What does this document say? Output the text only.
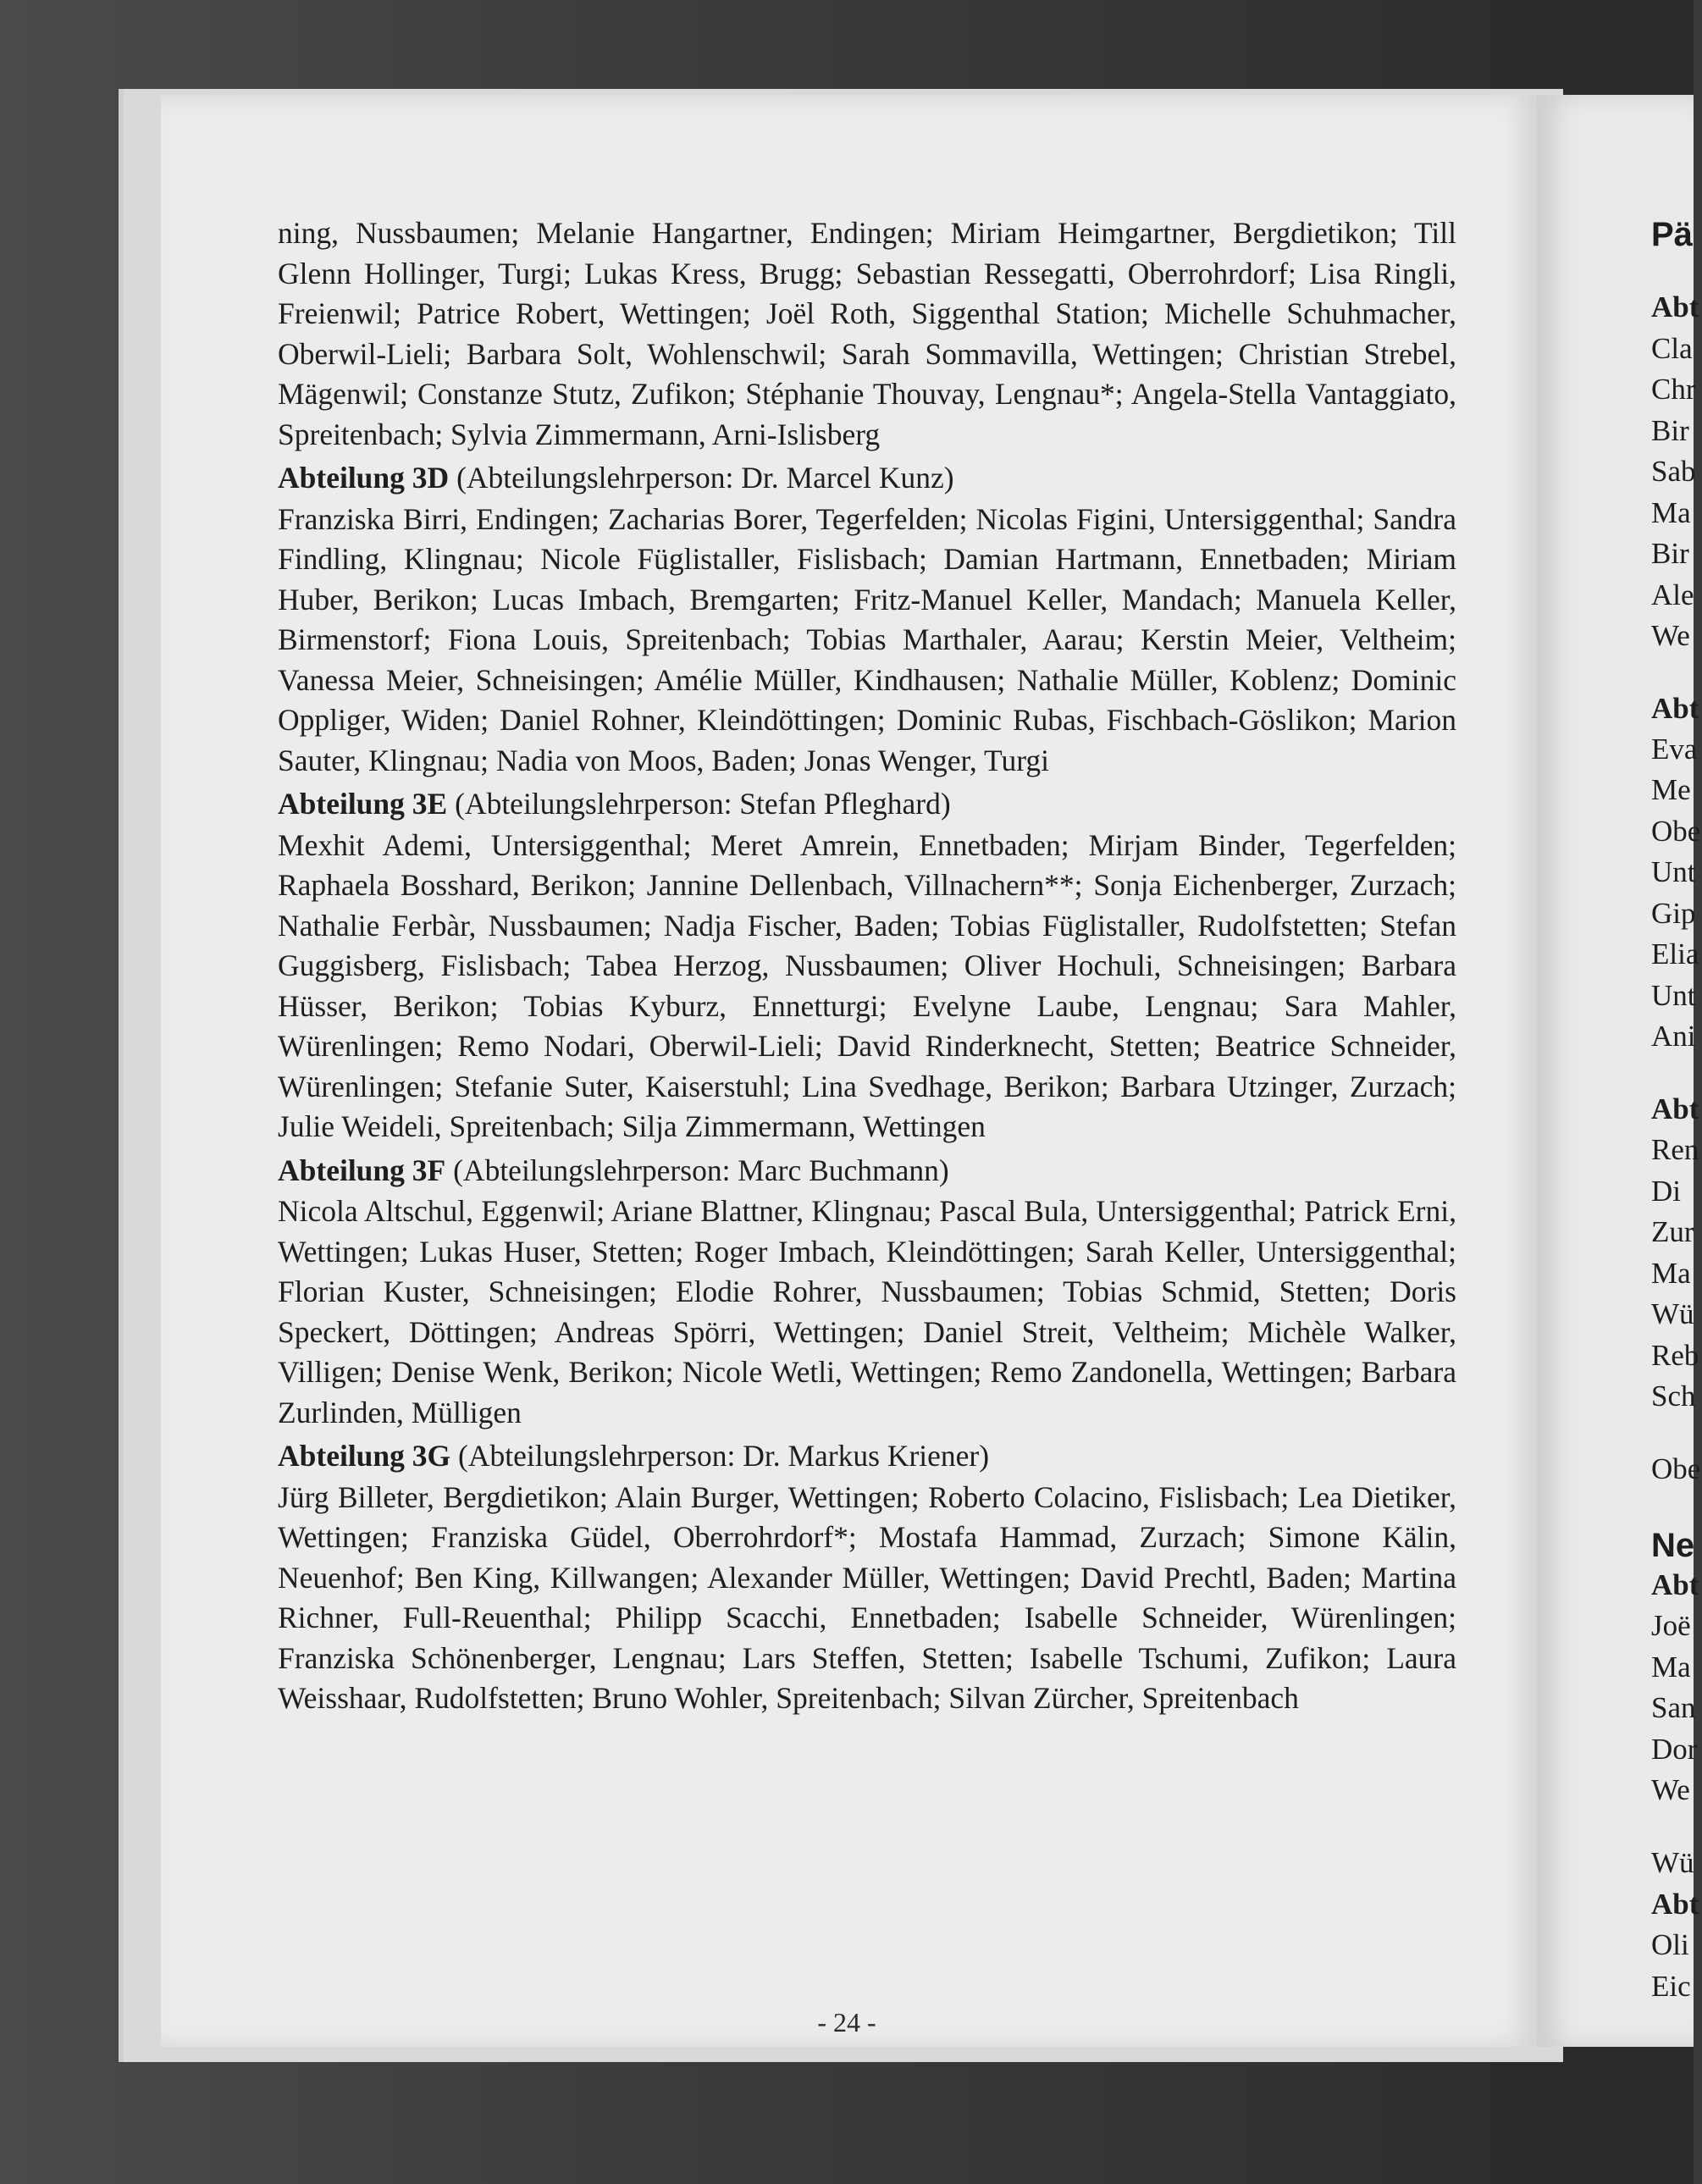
ning, Nussbaumen; Melanie Hangartner, Endingen; Miriam Heimgartner, Bergdietikon; Till Glenn Hollinger, Turgi; Lukas Kress, Brugg; Sebastian Ressegatti, Oberrohrdorf; Lisa Ringli, Freienwil; Patrice Robert, Wettingen; Joël Roth, Siggenthal Station; Michelle Schuhmacher, Oberwil-Lieli; Barbara Solt, Wohlenschwil; Sarah Sommavilla, Wettingen; Christian Strebel, Mägenwil; Constanze Stutz, Zufikon; Stéphanie Thouvay, Lengnau*; Angela-Stella Vantaggiato, Spreitenbach; Sylvia Zimmermann, Arni-Islisberg

Abteilung 3D (Abteilungslehrperson: Dr. Marcel Kunz)

Franziska Birri, Endingen; Zacharias Borer, Tegerfelden; Nicolas Figini, Untersiggenthal; Sandra Findling, Klingnau; Nicole Füglistaller, Fislisbach; Damian Hartmann, Ennetbaden; Miriam Huber, Berikon; Lucas Imbach, Bremgarten; Fritz-Manuel Keller, Mandach; Manuela Keller, Birmenstorf; Fiona Louis, Spreitenbach; Tobias Marthaler, Aarau; Kerstin Meier, Veltheim; Vanessa Meier, Schneisingen; Amélie Müller, Kindhausen; Nathalie Müller, Koblenz; Dominic Oppliger, Widen; Daniel Rohner, Kleindöttingen; Dominic Rubas, Fischbach-Göslikon; Marion Sauter, Klingnau; Nadia von Moos, Baden; Jonas Wenger, Turgi

Abteilung 3E (Abteilungslehrperson: Stefan Pfleghard)

Mexhit Ademi, Untersiggenthal; Meret Amrein, Ennetbaden; Mirjam Binder, Tegerfelden; Raphaela Bosshard, Berikon; Jannine Dellenbach, Villnachern**; Sonja Eichenberger, Zurzach; Nathalie Ferbàr, Nussbaumen; Nadja Fischer, Baden; Tobias Füglistaller, Rudolfstetten; Stefan Guggisberg, Fislisbach; Tabea Herzog, Nussbaumen; Oliver Hochuli, Schneisingen; Barbara Hüsser, Berikon; Tobias Kyburz, Ennetturgi; Evelyne Laube, Lengnau; Sara Mahler, Würenlingen; Remo Nodari, Oberwil-Lieli; David Rinderknecht, Stetten; Beatrice Schneider, Würenlingen; Stefanie Suter, Kaiserstuhl; Lina Svedhage, Berikon; Barbara Utzinger, Zurzach; Julie Weideli, Spreitenbach; Silja Zimmermann, Wettingen

Abteilung 3F (Abteilungslehrperson: Marc Buchmann)

Nicola Altschul, Eggenwil; Ariane Blattner, Klingnau; Pascal Bula, Untersiggenthal; Patrick Erni, Wettingen; Lukas Huser, Stetten; Roger Imbach, Kleindöttingen; Sarah Keller, Untersiggenthal; Florian Kuster, Schneisingen; Elodie Rohrer, Nussbaumen; Tobias Schmid, Stetten; Doris Speckert, Döttingen; Andreas Spörri, Wettingen; Daniel Streit, Veltheim; Michèle Walker, Villigen; Denise Wenk, Berikon; Nicole Wetli, Wettingen; Remo Zandonella, Wettingen; Barbara Zurlinden, Mülligen

Abteilung 3G (Abteilungslehrperson: Dr. Markus Kriener)

Jürg Billeter, Bergdietikon; Alain Burger, Wettingen; Roberto Colacino, Fislisbach; Lea Dietiker, Wettingen; Franziska Güdel, Oberrohrdorf*; Mostafa Hammad, Zurzach; Simone Kälin, Neuenhof; Ben King, Killwangen; Alexander Müller, Wettingen; David Prechtl, Baden; Martina Richner, Full-Reuenthal; Philipp Scacchi, Ennetbaden; Isabelle Schneider, Würenlingen; Franziska Schönenberger, Lengnau; Lars Steffen, Stetten; Isabelle Tschumi, Zufikon; Laura Weisshaar, Rudolfstetten; Bruno Wohler, Spreitenbach; Silvan Zürcher, Spreitenbach

- 24 -
Pä
Abt
Cla
Chr
Bir
Sab
Ma
Bir
Ale
We
Abt
Eva
Me
Obe
Unt
Gip
Elia
Unt
Ani
Abt
Ren
Di
Zur
Ma
Wü
Reb
Sch
Obe
Ne
Abt
Joë
Ma
San
Dor
We
Wü
Abt
Oli
Eic
